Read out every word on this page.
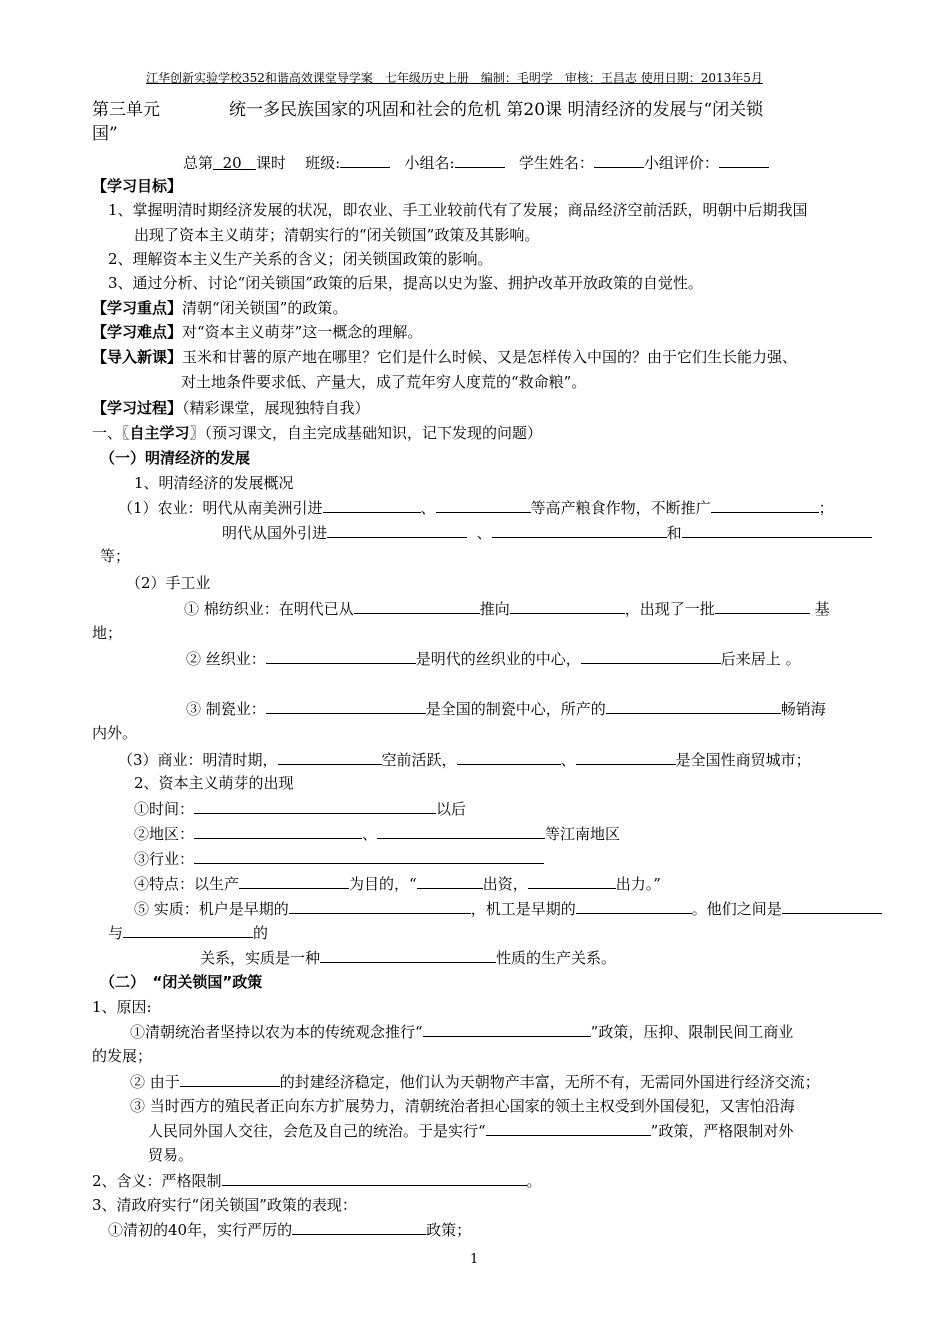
江华创新实验学校352和谐高效课堂导学案　七年级历史上册　编制：毛明学　审核：王昌志 使用日期：2013年5月
第三单元	统一多民族国家的巩固和社会的危机 第20课 明清经济的发展与“闭关锁
国”
总第 20 课时 班级:	小组名:	学生姓名：	小组评价：
【学习目标】
1、掌握明清时期经济发展的状况，即农业、手工业较前代有了发展；商品经济空前活跃，明朝中后期我国
出现了资本主义萌芽；清朝实行的“闭关锁国”政策及其影响。
2、理解资本主义生产关系的含义；闭关锁国政策的影响。
3、通过分析、讨论“闭关锁国”政策的后果，提高以史为鉴、拥护改革开放政策的自觉性。
【学习重点】清朝“闭关锁国”的政策。
【学习难点】对“资本主义萌芽”这一概念的理解。
【导入新课】玉米和甘薯的原产地在哪里？它们是什么时候、又是怎样传入中国的？由于它们生长能力强、
对土地条件要求低、产量大，成了荒年穷人度荒的“救命粮”。
【学习过程】（精彩课堂，展现独特自我）
一、〖自主学习〗（预习课文，自主完成基础知识，记下发现的问题）
（一）明清经济的发展
1、明清经济的发展概况
（1）农业：明代从南美洲引进	、	等高产粮食作物，不断推广	；
明代从国外引进	、	和
等；
（2）手工业
① 棉纺织业：在明代已从	推向	，出现了一批	基
地；
② 丝织业：	是明代的丝织业的中心，	后来居上 。
③ 制瓷业：	是全国的制瓷中心，所产的	畅销海
内外。
（3）商业：明清时期，	空前活跃，	、	是全国性商贸城市；
2、资本主义萌芽的出现
①时间：	以后
②地区：	、	等江南地区
③行业：
④特点：以生产	为目的，“	出资，	出力。”
⑤ 实质：机户是早期的	，机工是早期的	。他们之间是
与	的
关系，实质是一种	性质的生产关系。
（二）　“闭关锁国”政策
1、原因:
①清朝统治者坚持以农为本的传统观念推行“	”政策，压抑、限制民间工商业
的发展；
② 由于	的封建经济稳定，他们认为天朝物产丰富，无所不有，无需同外国进行经济交流；
③ 当时西方的殖民者正向东方扩展势力，清朝统治者担心国家的领土主权受到外国侵犯，又害怕沿海
人民同外国人交往，会危及自己的统治。于是实行“	”政策，严格限制对外
贸易。
2、含义：严格限制	。
3、清政府实行“闭关锁国”政策的表现：
①清初的40年，实行严厉的	政策；
1
